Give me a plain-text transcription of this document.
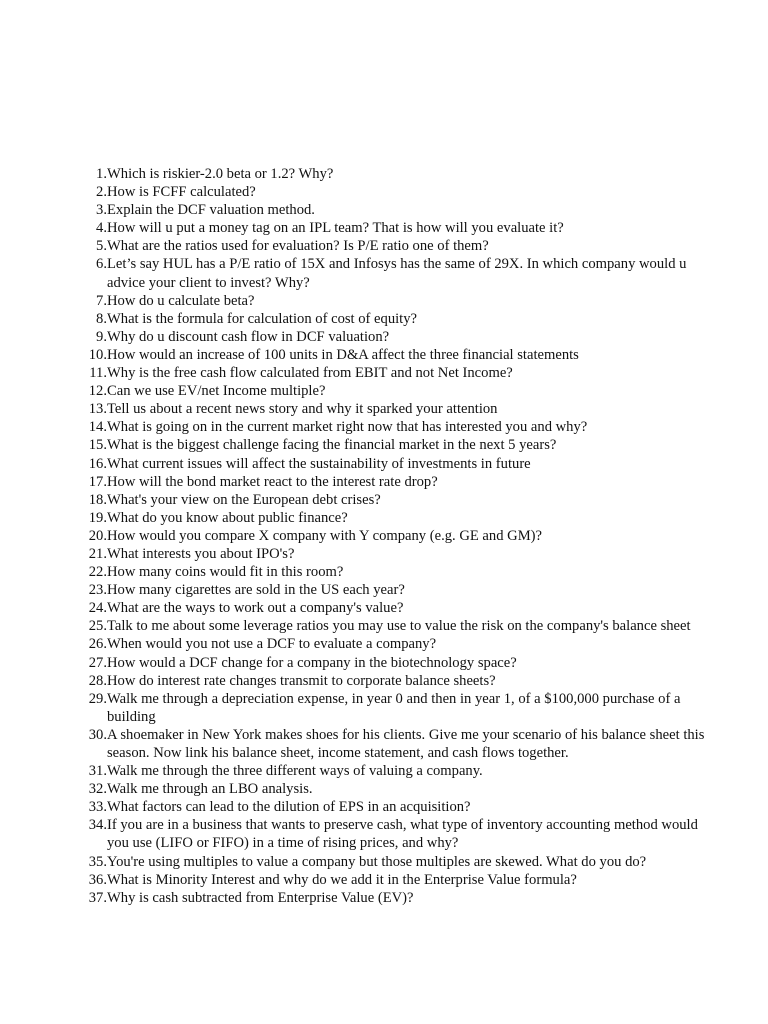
1. Which is riskier-2.0 beta or 1.2? Why?
2. How is FCFF calculated?
3. Explain the DCF valuation method.
4. How will u put a money tag on an IPL team? That is how will you evaluate it?
5. What are the ratios used for evaluation? Is P/E ratio one of them?
6. Let’s say HUL has a P/E ratio of 15X and Infosys has the same of 29X. In which company would u advice your client to invest? Why?
7. How do u calculate beta?
8. What is the formula for calculation of cost of equity?
9. Why do u discount cash flow in DCF valuation?
10. How would an increase of 100 units in D&A affect the three financial statements
11. Why is the free cash flow calculated from EBIT and not Net Income?
12. Can we use EV/net Income multiple?
13. Tell us about a recent news story and why it sparked your attention
14. What is going on in the current market right now that has interested you and why?
15. What is the biggest challenge facing the financial market in the next 5 years?
16. What current issues will affect the sustainability of investments in future
17. How will the bond market react to the interest rate drop?
18. What's your view on the European debt crises?
19. What do you know about public finance?
20. How would you compare X company with Y company (e.g. GE and GM)?
21. What interests you about IPO's?
22. How many coins would fit in this room?
23. How many cigarettes are sold in the US each year?
24. What are the ways to work out a company's value?
25. Talk to me about some leverage ratios you may use to value the risk on the company's balance sheet
26. When would you not use a DCF to evaluate a company?
27. How would a DCF change for a company in the biotechnology space?
28. How do interest rate changes transmit to corporate balance sheets?
29. Walk me through a depreciation expense, in year 0 and then in year 1, of a $100,000 purchase of a building
30. A shoemaker in New York makes shoes for his clients. Give me your scenario of his balance sheet this season. Now link his balance sheet, income statement, and cash flows together.
31. Walk me through the three different ways of valuing a company.
32. Walk me through an LBO analysis.
33. What factors can lead to the dilution of EPS in an acquisition?
34. If you are in a business that wants to preserve cash, what type of inventory accounting method would you use (LIFO or FIFO) in a time of rising prices, and why?
35. You're using multiples to value a company but those multiples are skewed. What do you do?
36. What is Minority Interest and why do we add it in the Enterprise Value formula?
37. Why is cash subtracted from Enterprise Value (EV)?
